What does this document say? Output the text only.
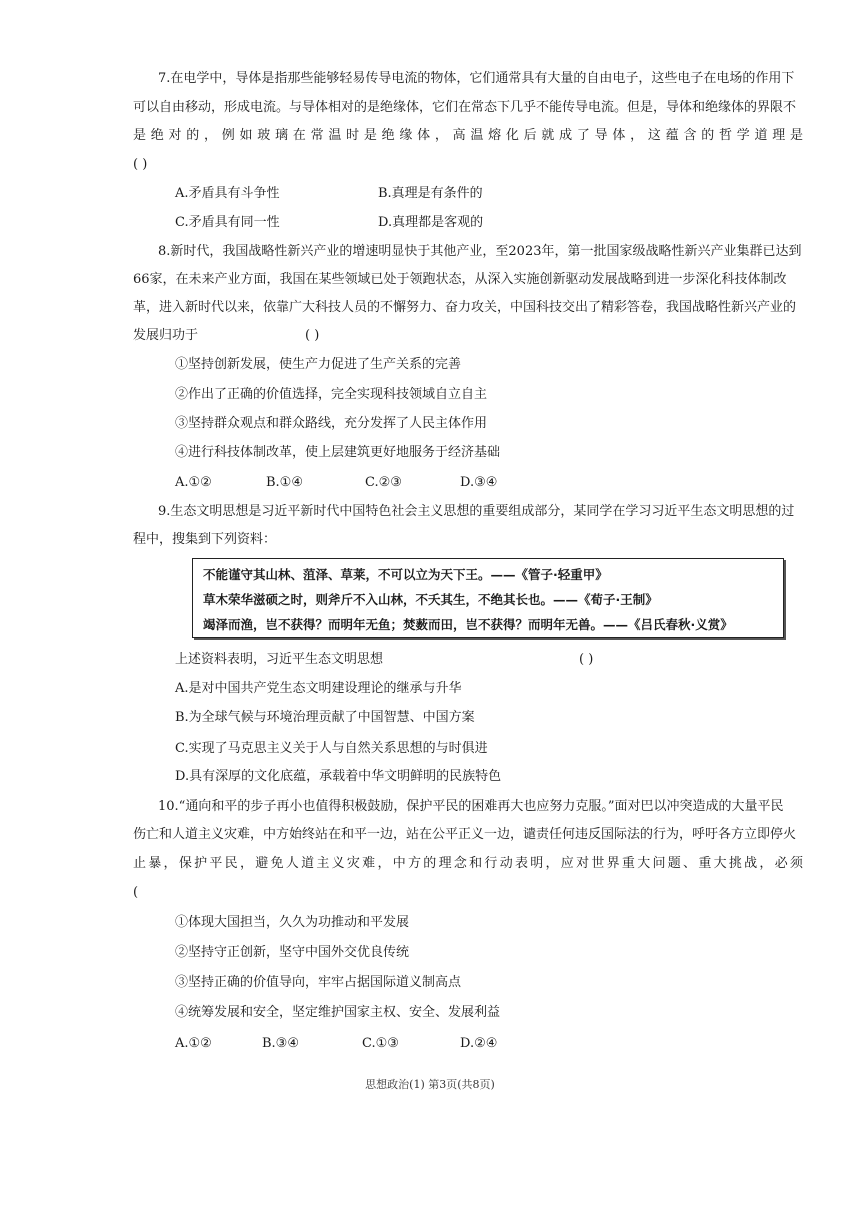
7.在电学中，导体是指那些能够轻易传导电流的物体，它们通常具有大量的自由电子，这些电子在电场的作用下
可以自由移动，形成电流。与导体相对的是绝缘体，它们在常态下几乎不能传导电流。但是，导体和绝缘体的界限不
是绝对的，例如玻璃在常温时是绝缘体，高温熔化后就成了导体，这蕴含的哲学道理是
( )
A.矛盾具有斗争性	B.真理是有条件的
C.矛盾具有同一性	D.真理都是客观的
8.新时代，我国战略性新兴产业的增速明显快于其他产业，至2023年，第一批国家级战略性新兴产业集群已达到
66家，在未来产业方面，我国在某些领域已处于领跑状态，从深入实施创新驱动发展战略到进一步深化科技体制改
革，进入新时代以来，依靠广大科技人员的不懈努力、奋力攻关，中国科技交出了精彩答卷，我国战略性新兴产业的
发展归功于	( )
①坚持创新发展，使生产力促进了生产关系的完善
②作出了正确的价值选择，完全实现科技领域自立自主
③坚持群众观点和群众路线，充分发挥了人民主体作用
④进行科技体制改革，使上层建筑更好地服务于经济基础
A.①②	B.①④	C.②③	D.③④
9.生态文明思想是习近平新时代中国特色社会主义思想的重要组成部分，某同学在学习习近平生态文明思想的过
程中，搜集到下列资料：
不能谨守其山林、菹泽、草莱，不可以立为天下王。——《管子·轻重甲》
草木荣华滋硕之时，则斧斤不入山林，不夭其生，不绝其长也。——《荀子·王制》
竭泽而渔，岂不获得？而明年无鱼；焚薮而田，岂不获得？而明年无兽。——《吕氏春秋·义赏》
上述资料表明，习近平生态文明思想	( )
A.是对中国共产党生态文明建设理论的继承与升华
B.为全球气候与环境治理贡献了中国智慧、中国方案
C.实现了马克思主义关于人与自然关系思想的与时俱进
D.具有深厚的文化底蕴，承载着中华文明鲜明的民族特色
10.“通向和平的步子再小也值得积极鼓励，保护平民的困难再大也应努力克服。”面对巴以冲突造成的大量平民
伤亡和人道主义灾难，中方始终站在和平一边，站在公平正义一边，谴责任何违反国际法的行为，呼吁各方立即停火
止暴，保护平民，避免人道主义灾难，中方的理念和行动表明，应对世界重大问题、重大挑战，必须
(
①体现大国担当，久久为功推动和平发展
②坚持守正创新，坚守中国外交优良传统
③坚持正确的价值导向，牢牢占据国际道义制高点
④统筹发展和安全，坚定维护国家主权、安全、发展利益
A.①②	B.③④	C.①③	D.②④
思想政治(1) 第3页(共8页)
